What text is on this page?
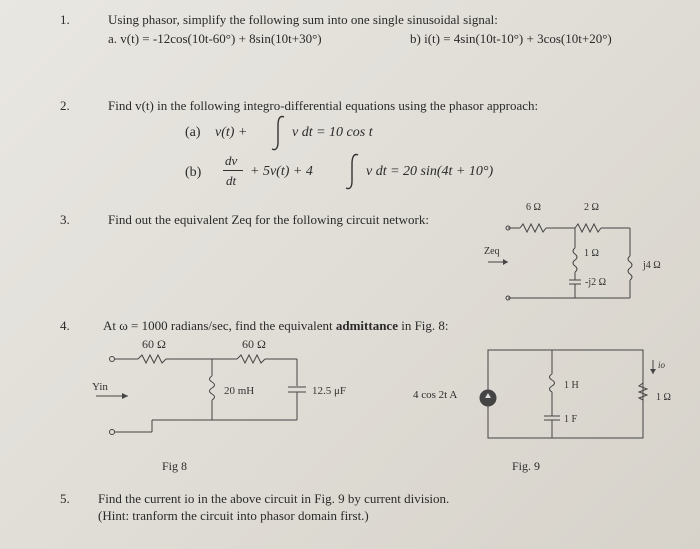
1.	Using phasor, simplify the following sum into one single sinusoidal signal:
a. v(t) = -12cos(10t-60°) + 8sin(10t+30°)	b) i(t) = 4sin(10t-10°) + 3cos(10t+20°)
2.	Find v(t) in the following integro-differential equations using the phasor approach:
(a) v(t) +	v dt = 10 cos t
(b)
dv
dt
+ 5v(t) + 4	v dt = 20 sin(4t + 10°)
3.	Find out the equivalent Zeq for the following circuit network:
6 Ω	2 Ω
1 Ω
-j2 Ω
j4 Ω
Zeq
4.	At ω = 1000 radians/sec, find the equivalent admittance in Fig. 8:
60 Ω	60 Ω
20 mH	12.5 μF
Yin
Fig 8
4 cos 2t A
1 H
1 F
1 Ω
io
Fig. 9
5. Find the current io in the above circuit in Fig. 9 by current division.
(Hint: tranform the circuit into phasor domain first.)
